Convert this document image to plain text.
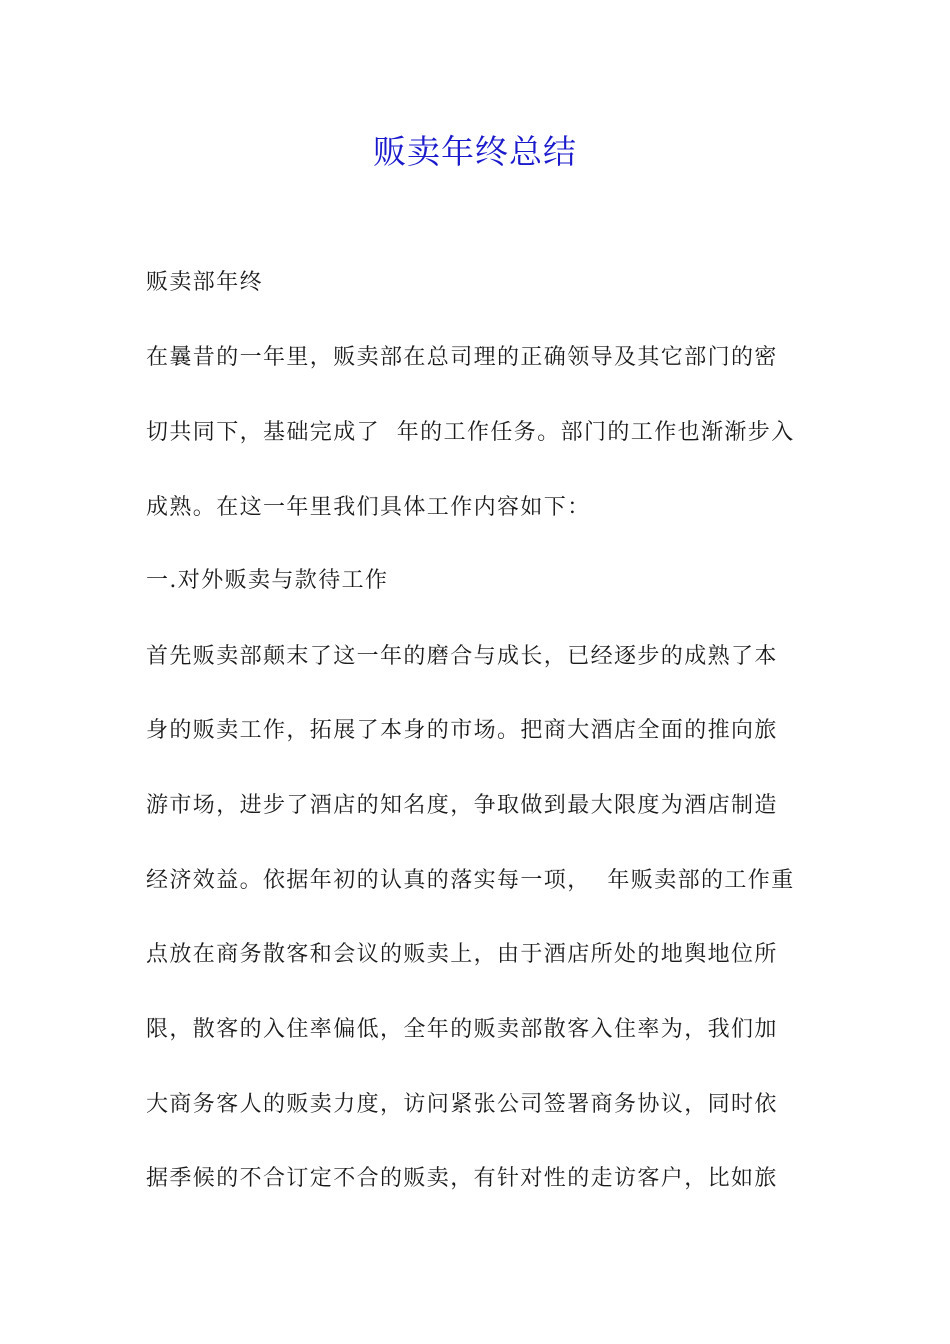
贩卖年终总结
贩卖部年终
在曩昔的一年里，贩卖部在总司理的正确领导及其它部门的密
切共同下，基础完成了  年的工作任务。部门的工作也渐渐步入
成熟。在这一年里我们具体工作内容如下：
一.对外贩卖与款待工作
首先贩卖部颠末了这一年的磨合与成长，已经逐步的成熟了本
身的贩卖工作，拓展了本身的市场。把商大酒店全面的推向旅
游市场，进步了酒店的知名度，争取做到最大限度为酒店制造
经济效益。依据年初的认真的落实每一项，  年贩卖部的工作重
点放在商务散客和会议的贩卖上，由于酒店所处的地舆地位所
限，散客的入住率偏低，全年的贩卖部散客入住率为，我们加
大商务客人的贩卖力度，访问紧张公司签署商务协议，同时依
据季候的不合订定不合的贩卖，有针对性的走访客户，比如旅
